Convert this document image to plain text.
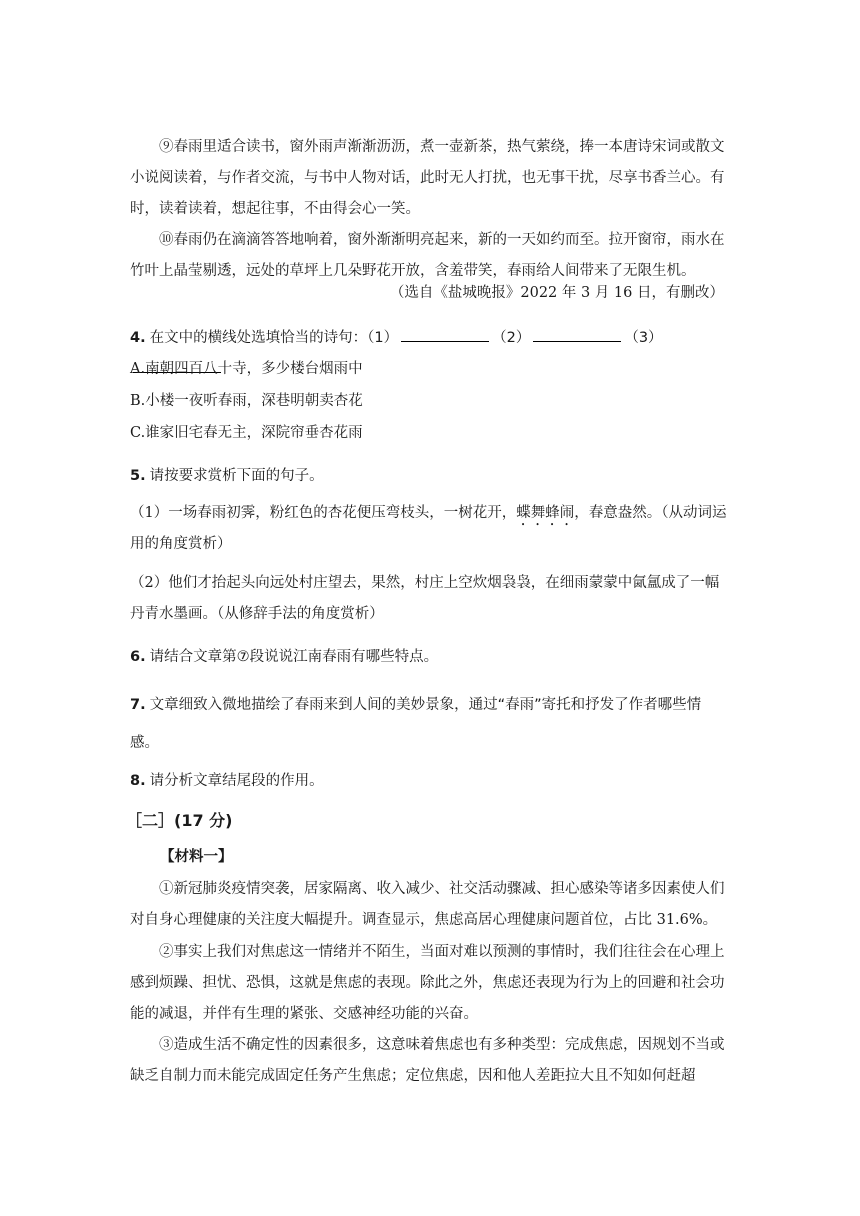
⑨春雨里适合读书，窗外雨声渐渐沥沥，煮一壶新茶，热气萦绕，捧一本唐诗宋词或散文小说阅读着，与作者交流，与书中人物对话，此时无人打扰，也无事干扰，尽享书香兰心。有时，读着读着，想起往事，不由得会心一笑。

⑩春雨仍在滴滴答答地响着，窗外渐渐明亮起来，新的一天如约而至。拉开窗帘，雨水在竹叶上晶莹剔透，远处的草坪上几朵野花开放，含羞带笑，春雨给人间带来了无限生机。

（选自《盐城晚报》2022 年 3 月 16 日，有删改）

4. 在文中的横线处选填恰当的诗句：（1）	（2）	（3）

A.南朝四百八十寺，多少楼台烟雨中

B.小楼一夜听春雨，深巷明朝卖杏花

C.谁家旧宅春无主，深院帘垂杏花雨

5. 请按要求赏析下面的句子。

（1）一场春雨初霁，粉红色的杏花便压弯枝头，一树花开，蝶舞蜂闹，春意盎然。（从动词运用的角度赏析）

（2）他们才抬起头向远处村庄望去，果然，村庄上空炊烟袅袅，在细雨蒙蒙中氤氲成了一幅丹青水墨画。（从修辞手法的角度赏析）

6. 请结合文章第⑦段说说江南春雨有哪些特点。

7. 文章细致入微地描绘了春雨来到人间的美妙景象，通过“春雨”寄托和抒发了作者哪些情感。

8. 请分析文章结尾段的作用。

［二］(17 分)

【材料一】

①新冠肺炎疫情突袭，居家隔离、收入减少、社交活动骤减、担心感染等诸多因素使人们对自身心理健康的关注度大幅提升。调查显示，焦虑高居心理健康问题首位，占比 31.6%。

②事实上我们对焦虑这一情绪并不陌生，当面对难以预测的事情时，我们往往会在心理上感到烦躁、担忧、恐惧，这就是焦虑的表现。除此之外，焦虑还表现为行为上的回避和社会功能的减退，并伴有生理的紧张、交感神经功能的兴奋。

③造成生活不确定性的因素很多，这意味着焦虑也有多种类型：完成焦虑，因规划不当或缺乏自制力而未能完成固定任务产生焦虑；定位焦虑，因和他人差距拉大且不知如何赶超
